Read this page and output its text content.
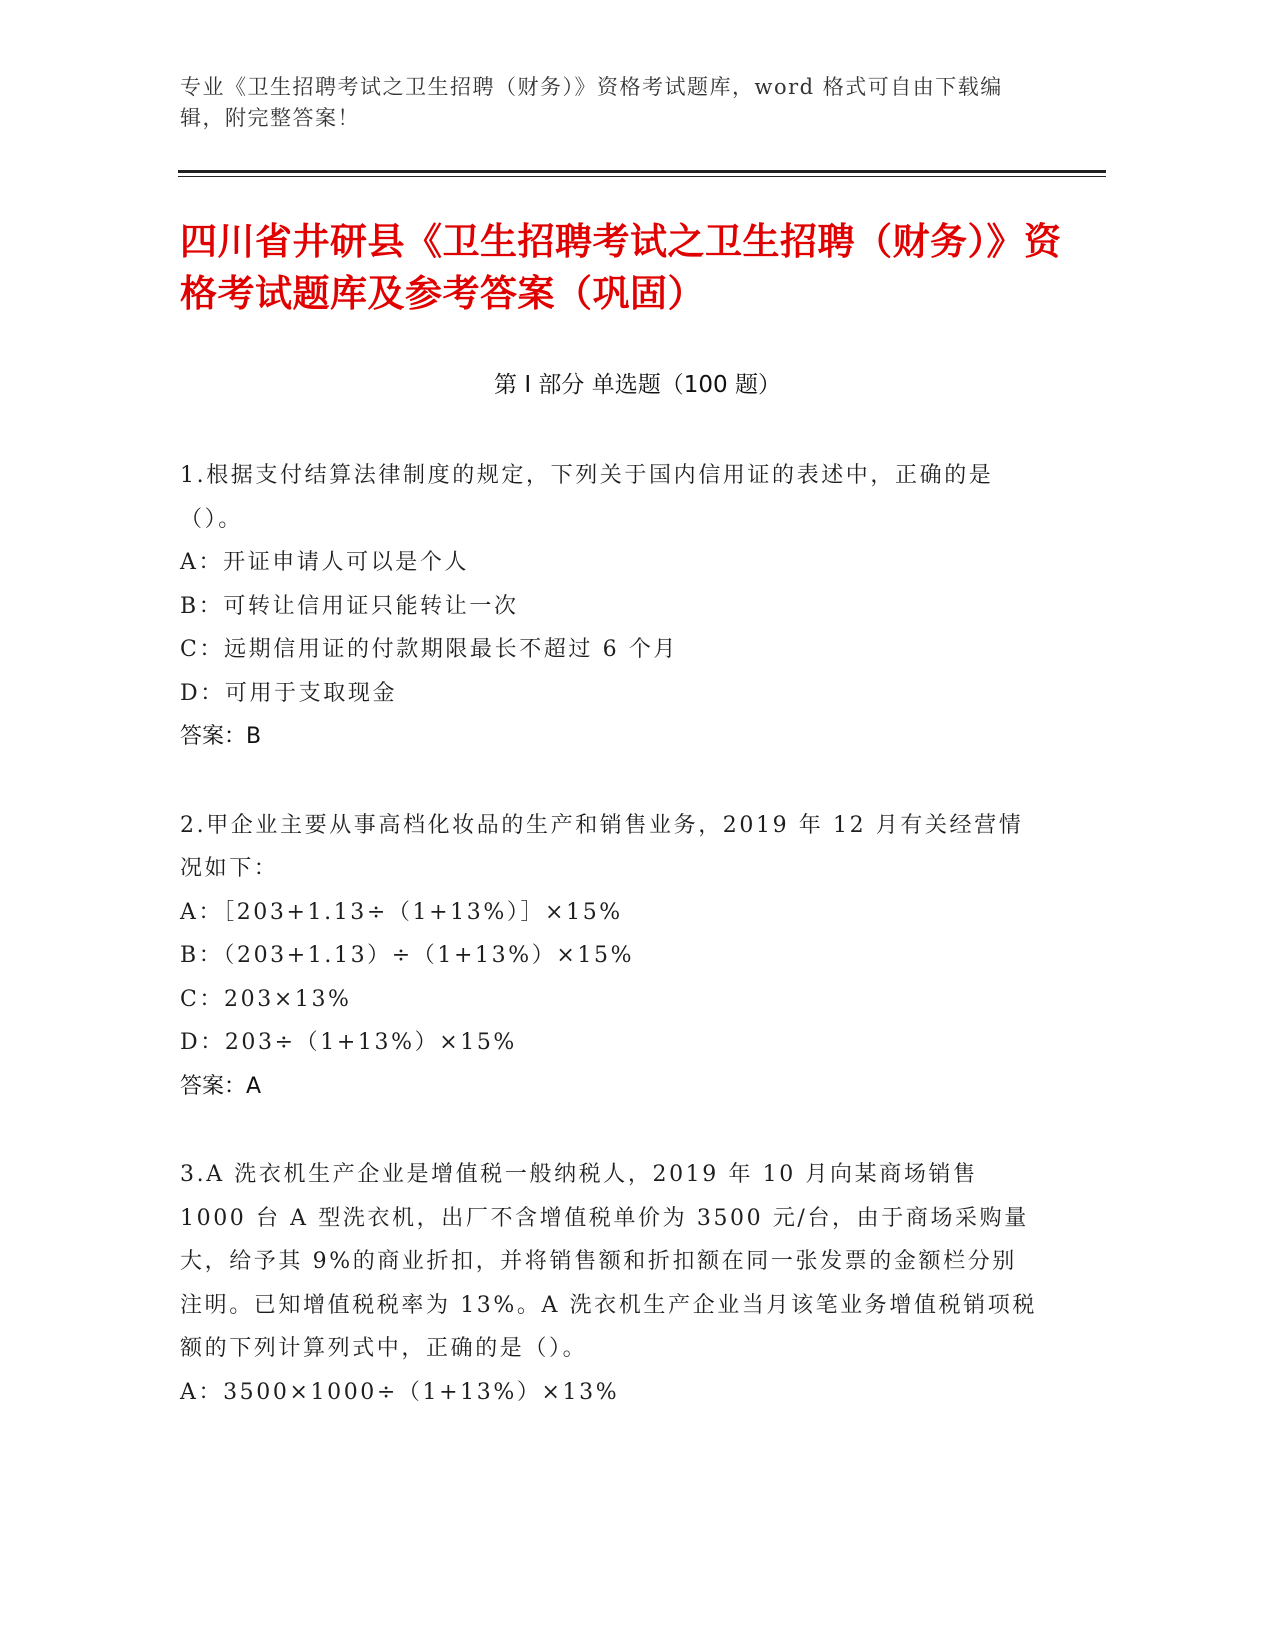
专业《卫生招聘考试之卫生招聘（财务）》资格考试题库，word 格式可自由下载编辑，附完整答案！
四川省井研县《卫生招聘考试之卫生招聘（财务）》资格考试题库及参考答案（巩固）
第 I 部分 单选题（100 题）
1.根据支付结算法律制度的规定，下列关于国内信用证的表述中，正确的是（）。
A：开证申请人可以是个人
B：可转让信用证只能转让一次
C：远期信用证的付款期限最长不超过 6 个月
D：可用于支取现金
答案：B
2.甲企业主要从事高档化妆品的生产和销售业务，2019 年 12 月有关经营情况如下：
A：［203+1.13÷（1+13%）］×15%
B：（203+1.13）÷（1+13%）×15%
C：203×13%
D：203÷（1+13%）×15%
答案：A
3.A 洗衣机生产企业是增值税一般纳税人，2019 年 10 月向某商场销售 1000 台 A 型洗衣机，出厂不含增值税单价为 3500 元/台，由于商场采购量大，给予其 9%的商业折扣，并将销售额和折扣额在同一张发票的金额栏分别注明。已知增值税税率为 13%。A 洗衣机生产企业当月该笔业务增值税销项税额的下列计算列式中，正确的是（）。
A：3500×1000÷（1+13%）×13%
